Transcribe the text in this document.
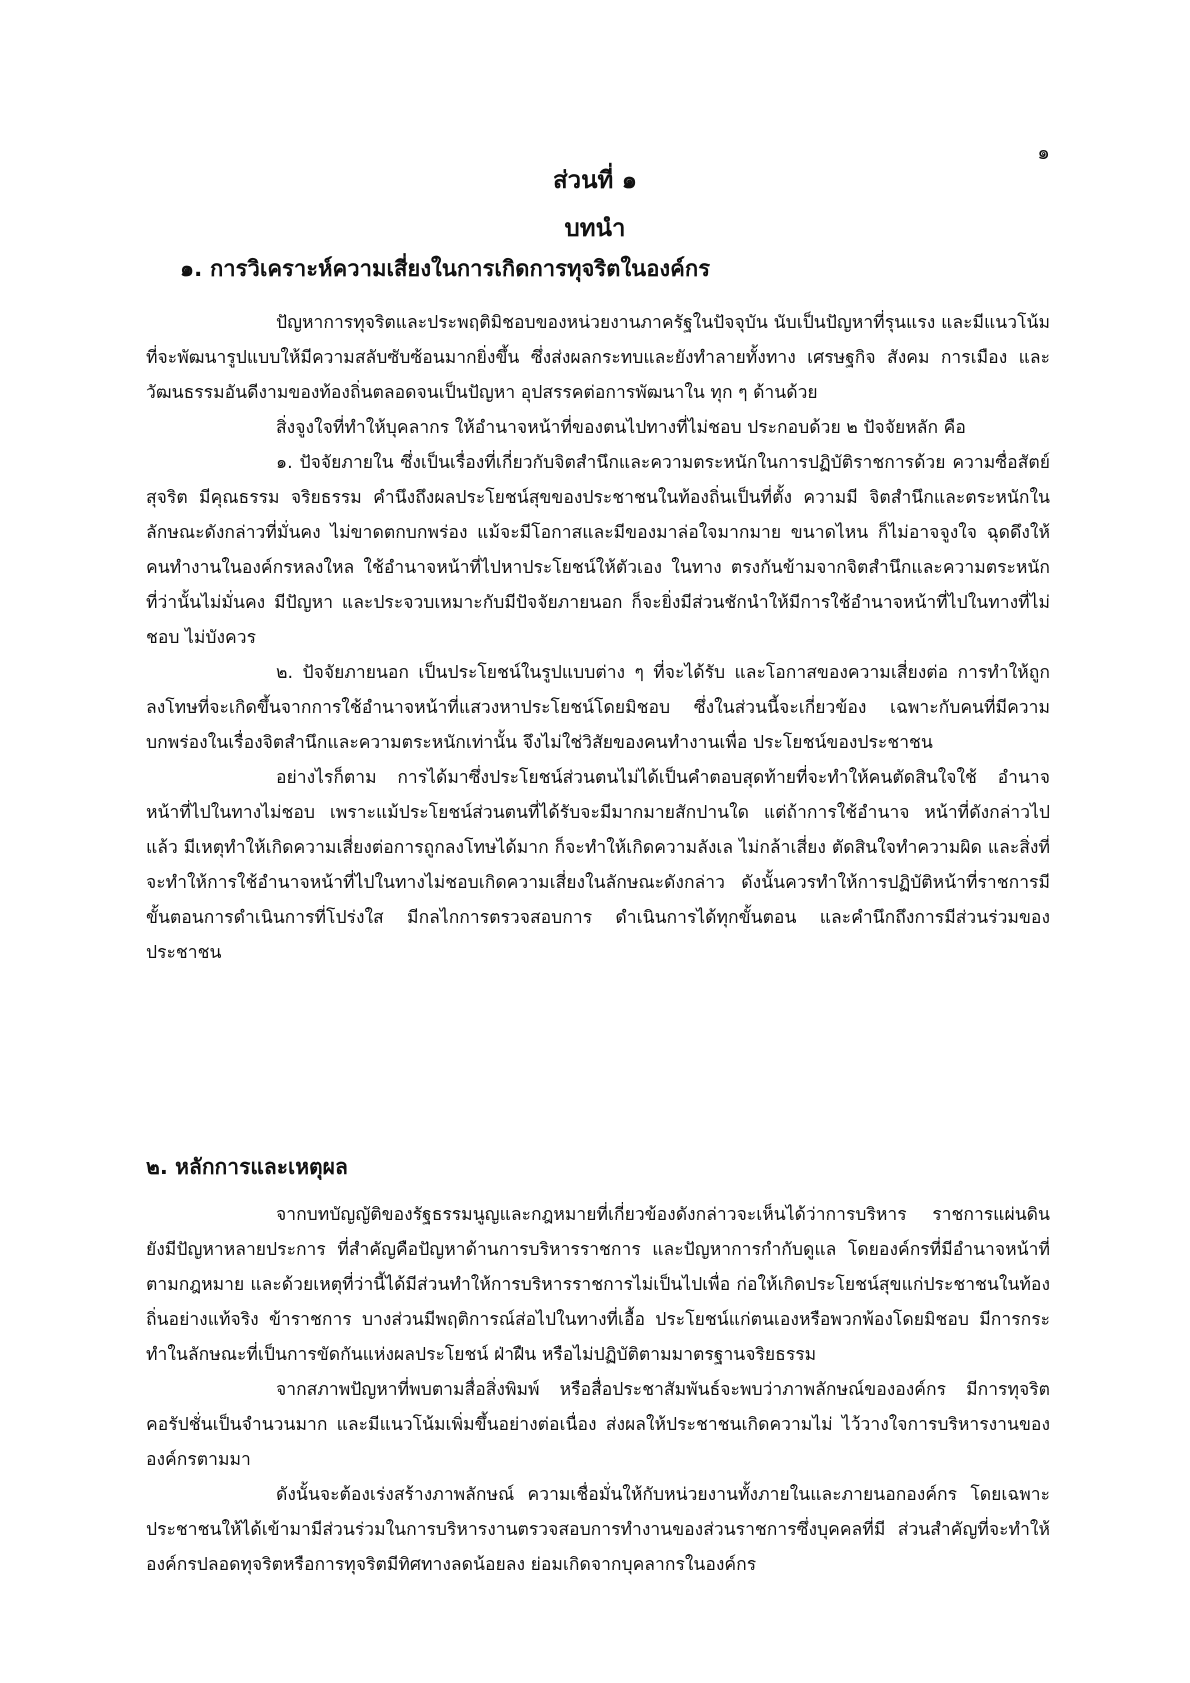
๑
ส่วนที่ ๑
บทนำ
๑. การวิเคราะห์ความเสี่ยงในการเกิดการทุจริตในองค์กร

ปัญหาการทุจริตและประพฤติมิชอบของหน่วยงานภาครัฐในปัจจุบัน นับเป็นปัญหาที่รุนแรง และมีแนวโน้มที่จะพัฒนารูปแบบให้มีความสลับซับซ้อนมากยิ่งขึ้น ซึ่งส่งผลกระทบและยังทำลายทั้งทาง เศรษฐกิจ สังคม การเมือง และวัฒนธรรมอันดีงามของท้องถิ่นตลอดจนเป็นปัญหา อุปสรรคต่อการพัฒนาใน ทุก ๆ ด้านด้วย

สิ่งจูงใจที่ทำให้บุคลากร ให้อำนาจหน้าที่ของตนไปทางที่ไม่ชอบ ประกอบด้วย ๒ ปัจจัยหลัก คือ

๑. ปัจจัยภายใน ซึ่งเป็นเรื่องที่เกี่ยวกับจิตสำนึกและความตระหนักในการปฏิบัติราชการด้วย ความซื่อสัตย์ สุจริต มีคุณธรรม จริยธรรม คำนึงถึงผลประโยชน์สุขของประชาชนในท้องถิ่นเป็นที่ตั้ง ความมี จิตสำนึกและตระหนักในลักษณะดังกล่าวที่มั่นคง ไม่ขาดตกบกพร่อง แม้จะมีโอกาสและมีของมาล่อใจมากมาย ขนาดไหน ก็ไม่อาจจูงใจ ฉุดดึงให้คนทำงานในองค์กรหลงใหล ใช้อำนาจหน้าที่ไปหาประโยชน์ให้ตัวเอง ในทาง ตรงกันข้ามจากจิตสำนึกและความตระหนักที่ว่านั้นไม่มั่นคง มีปัญหา และประจวบเหมาะกับมีปัจจัยภายนอก ก็จะยิ่งมีส่วนชักนำให้มีการใช้อำนาจหน้าที่ไปในทางที่ไม่ชอบ ไม่บังควร

๒. ปัจจัยภายนอก เป็นประโยชน์ในรูปแบบต่าง ๆ ที่จะได้รับ และโอกาสของความเสี่ยงต่อ การทำให้ถูกลงโทษที่จะเกิดขึ้นจากการใช้อำนาจหน้าที่แสวงหาประโยชน์โดยมิชอบ ซึ่งในส่วนนี้จะเกี่ยวข้อง เฉพาะกับคนที่มีความบกพร่องในเรื่องจิตสำนึกและความตระหนักเท่านั้น จึงไม่ใช่วิสัยของคนทำงานเพื่อ ประโยชน์ของประชาชน

อย่างไรก็ตาม การได้มาซึ่งประโยชน์ส่วนตนไม่ได้เป็นคำตอบสุดท้ายที่จะทำให้คนตัดสินใจใช้ อำนาจหน้าที่ไปในทางไม่ชอบ เพราะแม้ประโยชน์ส่วนตนที่ได้รับจะมีมากมายสักปานใด แต่ถ้าการใช้อำนาจ หน้าที่ดังกล่าวไปแล้ว มีเหตุทำให้เกิดความเสี่ยงต่อการถูกลงโทษได้มาก ก็จะทำให้เกิดความลังเล ไม่กล้าเสี่ยง ตัดสินใจทำความผิด และสิ่งที่จะทำให้การใช้อำนาจหน้าที่ไปในทางไม่ชอบเกิดความเสี่ยงในลักษณะดังกล่าว ดังนั้นควรทำให้การปฏิบัติหน้าที่ราชการมีขั้นตอนการดำเนินการที่โปร่งใส มีกลไกการตรวจสอบการ ดำเนินการได้ทุกขั้นตอน และคำนึกถึงการมีส่วนร่วมของประชาชน

๒. หลักการและเหตุผล

จากบทบัญญัติของรัฐธรรมนูญและกฎหมายที่เกี่ยวข้องดังกล่าวจะเห็นได้ว่าการบริหาร ราชการแผ่นดิน ยังมีปัญหาหลายประการ ที่สำคัญคือปัญหาด้านการบริหารราชการ และปัญหาการกำกับดูแล โดยองค์กรที่มีอำนาจหน้าที่ตามกฎหมาย และด้วยเหตุที่ว่านี้ได้มีส่วนทำให้การบริหารราชการไม่เป็นไปเพื่อ ก่อให้เกิดประโยชน์สุขแก่ประชาชนในท้องถิ่นอย่างแท้จริง ข้าราชการ บางส่วนมีพฤติการณ์ส่อไปในทางที่เอื้อ ประโยชน์แก่ตนเองหรือพวกพ้องโดยมิชอบ มีการกระทำในลักษณะที่เป็นการขัดกันแห่งผลประโยชน์ ฝ่าฝืน หรือไม่ปฏิบัติตามมาตรฐานจริยธรรม

จากสภาพปัญหาที่พบตามสื่อสิ่งพิมพ์ หรือสื่อประชาสัมพันธ์จะพบว่าภาพลักษณ์ขององค์กร มีการทุจริตคอรัปชั่นเป็นจำนวนมาก และมีแนวโน้มเพิ่มขึ้นอย่างต่อเนื่อง ส่งผลให้ประชาชนเกิดความไม่ ไว้วางใจการบริหารงานขององค์กรตามมา

ดังนั้นจะต้องเร่งสร้างภาพลักษณ์ ความเชื่อมั่นให้กับหน่วยงานทั้งภายในและภายนอกองค์กร โดยเฉพาะประชาชนให้ได้เข้ามามีส่วนร่วมในการบริหารงานตรวจสอบการทำงานของส่วนราชการซึ่งบุคคลที่มี ส่วนสำคัญที่จะทำให้องค์กรปลอดทุจริตหรือการทุจริตมีทิศทางลดน้อยลง ย่อมเกิดจากบุคลากรในองค์กร
